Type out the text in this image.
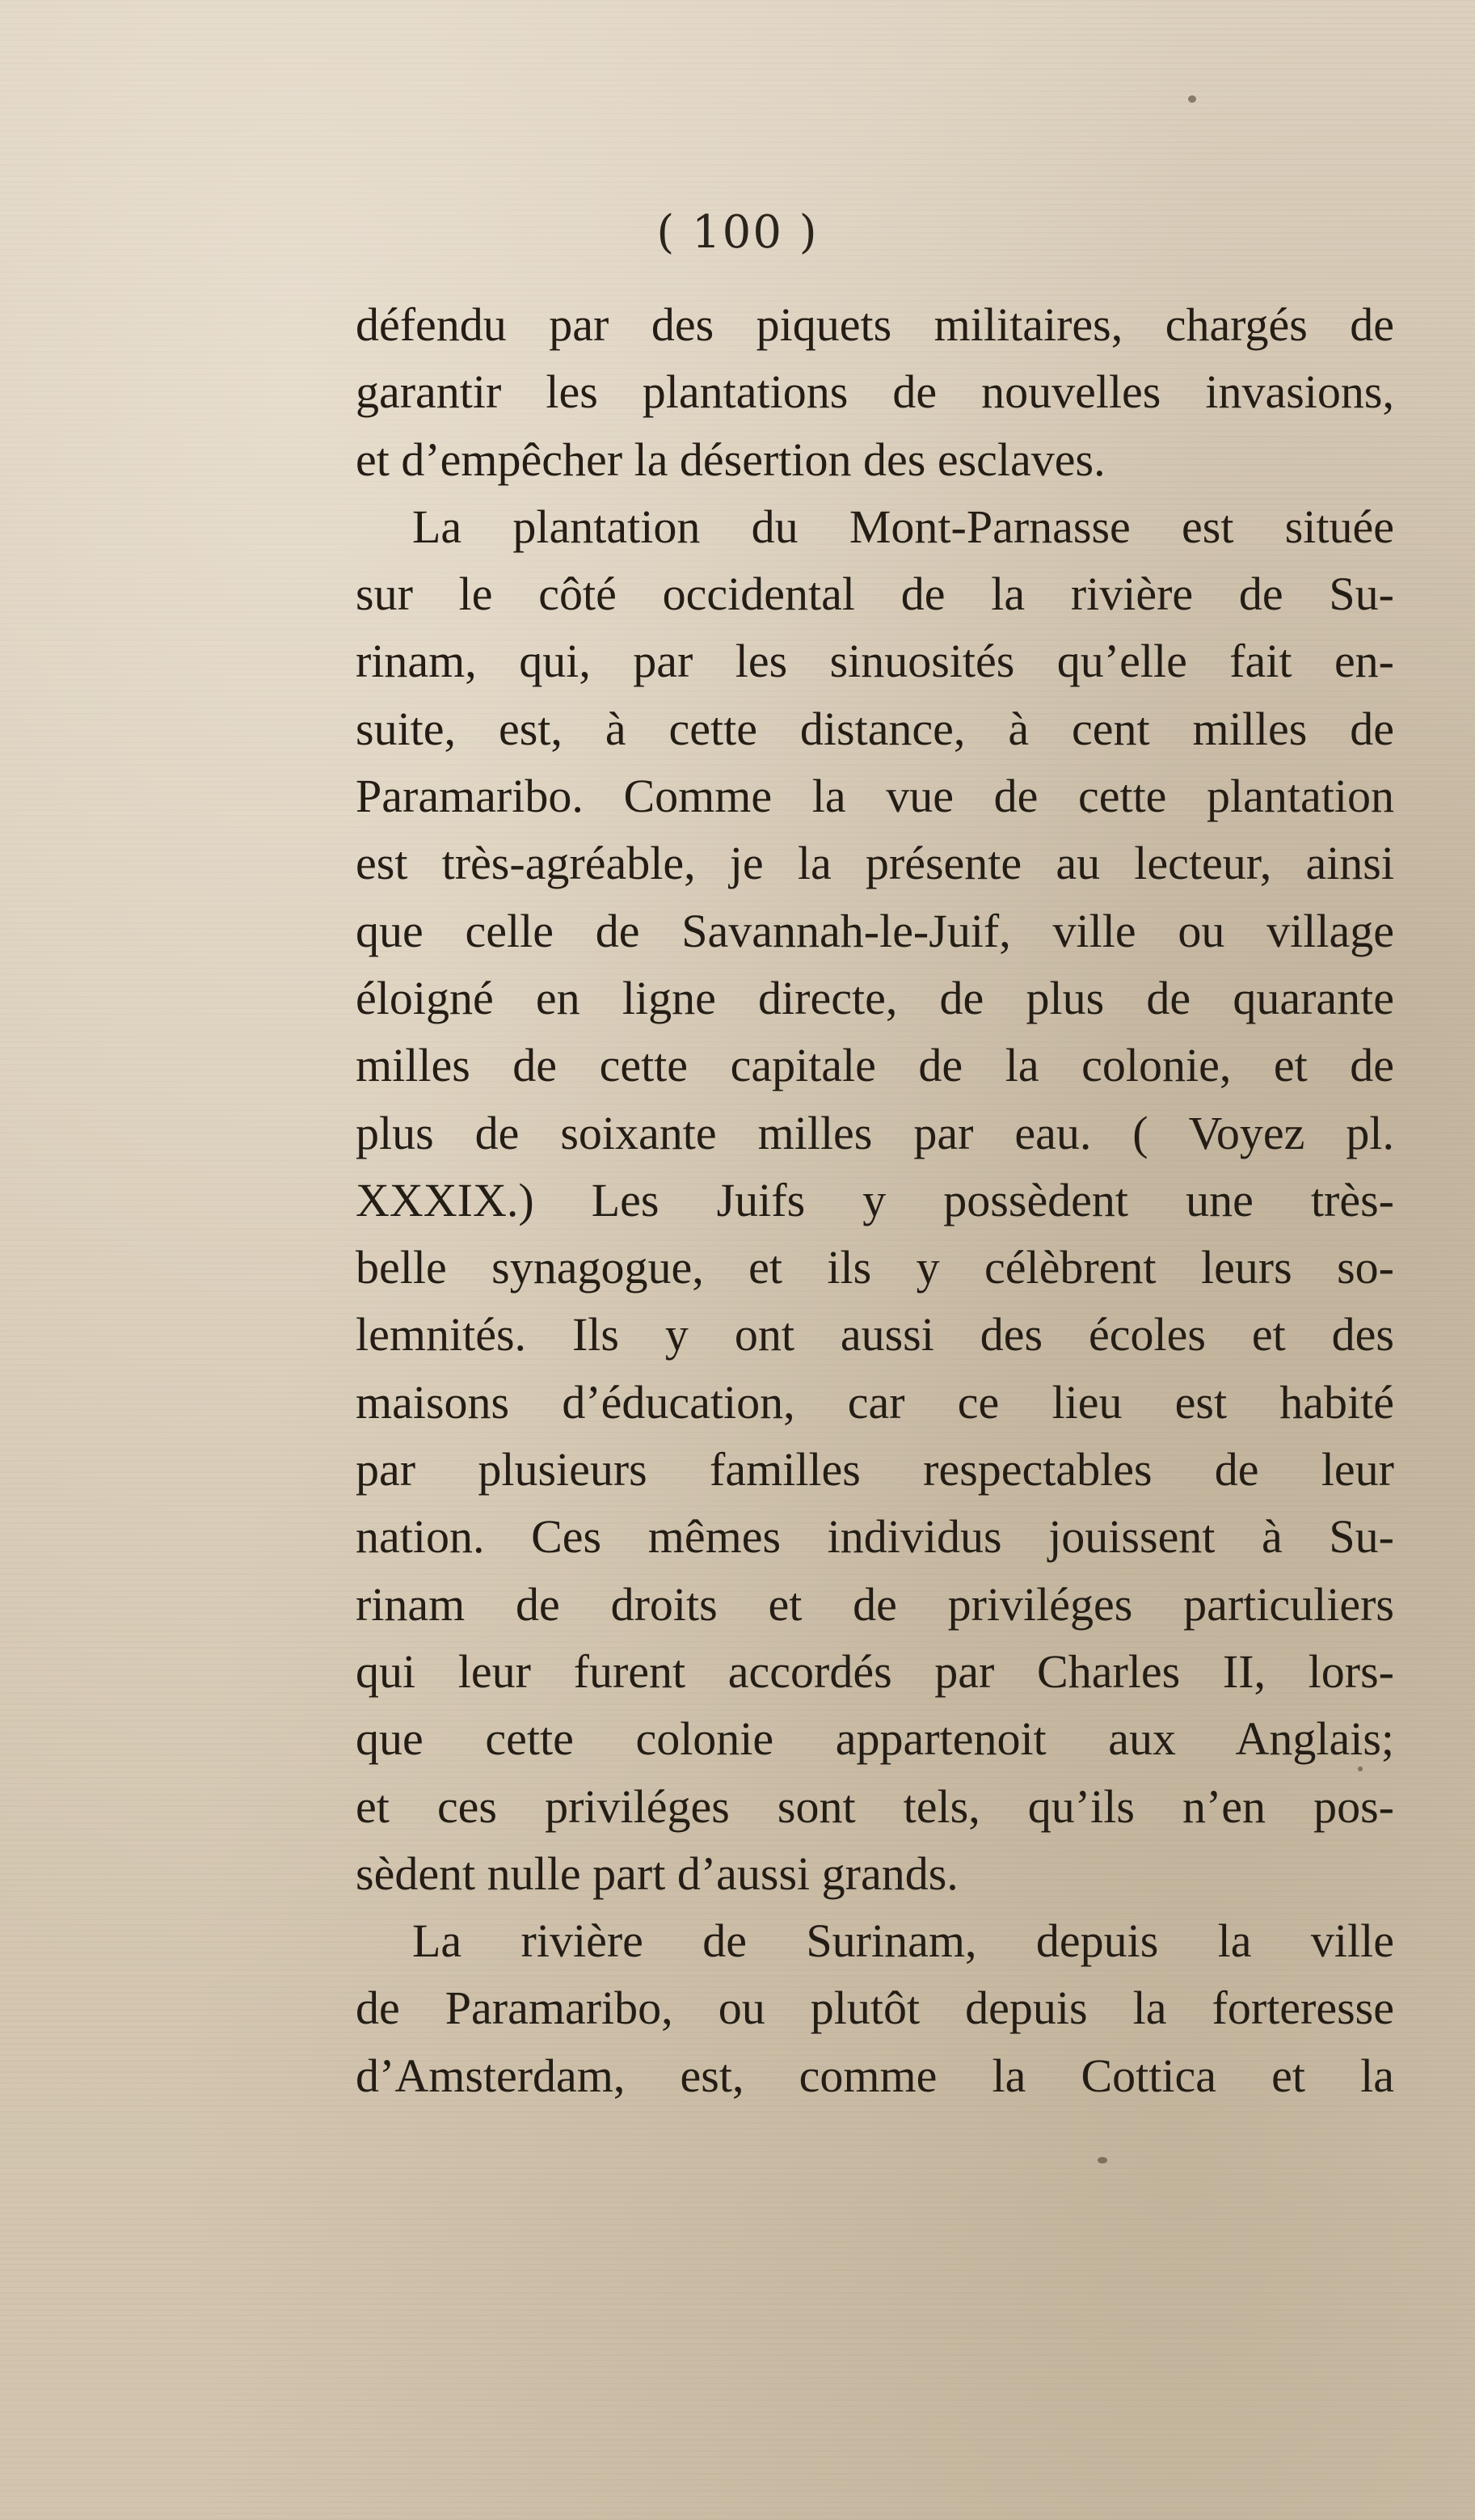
( 100 )
défendu par des piquets militaires, chargés de
garantir les plantations de nouvelles invasions,
et d’empêcher la désertion des esclaves.
La plantation du Mont-Parnasse est située
sur le côté occidental de la rivière de Su-
rinam, qui, par les sinuosités qu’elle fait en-
suite, est, à cette distance, à cent milles de
Paramaribo. Comme la vue de cette plantation
est très-agréable, je la présente au lecteur, ainsi
que celle de Savannah-le-Juif, ville ou village
éloigné en ligne directe, de plus de quarante
milles de cette capitale de la colonie, et de
plus de soixante milles par eau. ( Voyez pl.
XXXIX.) Les Juifs y possèdent une très-
belle synagogue, et ils y célèbrent leurs so-
lemnités. Ils y ont aussi des écoles et des
maisons d’éducation, car ce lieu est habité
par plusieurs familles respectables de leur
nation. Ces mêmes individus jouissent à Su-
rinam de droits et de priviléges particuliers
qui leur furent accordés par Charles II, lors-
que cette colonie appartenoit aux Anglais;
et ces priviléges sont tels, qu’ils n’en pos-
sèdent nulle part d’aussi grands.
La rivière de Surinam, depuis la ville
de Paramaribo, ou plutôt depuis la forteresse
d’Amsterdam, est, comme la Cottica et la
